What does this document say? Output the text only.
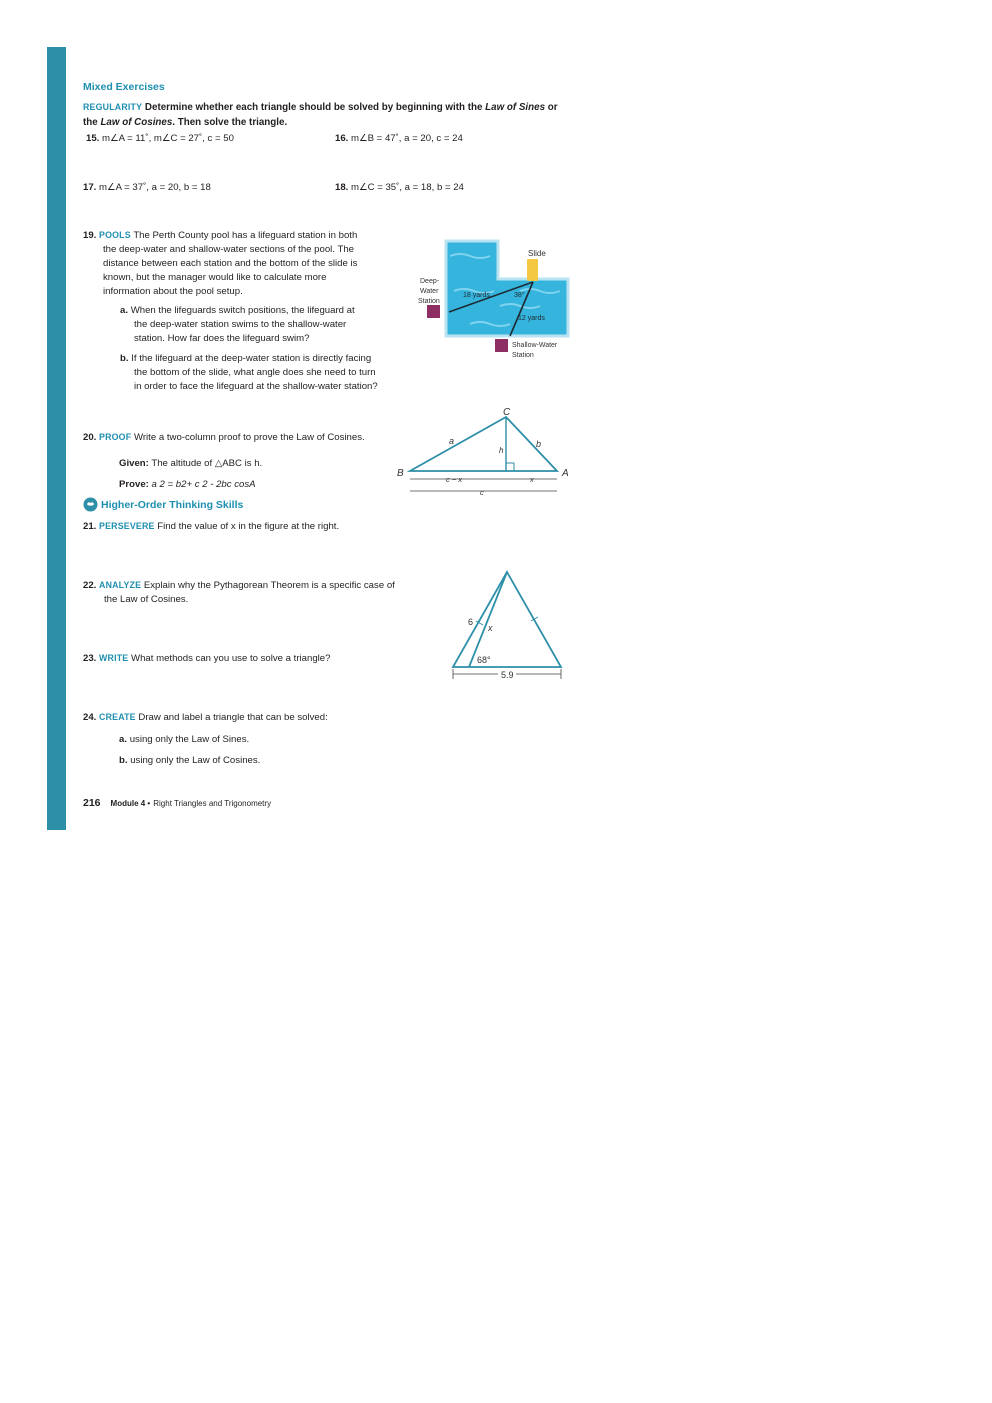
Mixed Exercises
REGULARITY Determine whether each triangle should be solved by beginning with the Law of Sines or the Law of Cosines. Then solve the triangle.
15. m∠A = 11˚, m∠C = 27˚, c = 50	16. m∠B = 47˚, a = 20, c = 24
17. m∠A = 37˚, a = 20, b = 18	18. m∠C = 35˚, a = 18, b = 24
19. POOLS The Perth County pool has a lifeguard station in both
the deep-water and shallow-water sections of the pool. The
distance between each station and the bottom of the slide is
known, but the manager would like to calculate more
information about the pool setup.
a. When the lifeguards switch positions, the lifeguard at
the deep-water station swims to the shallow-water
station. How far does the lifeguard swim?
b. If the lifeguard at the deep-water station is directly facing
the bottom of the slide, what angle does she need to turn
in order to face the lifeguard at the shallow-water station?
Slide
Deep-
Water
Station
18 yards	38°
12 yards
Shallow-Water
Station
20. PROOF Write a two-column proof to prove the Law of Cosines.
Given: The altitude of △ABC is h.
Prove: a 2 = b2+ c 2 - 2bc cosA
C
B	A
a	b
h
c − x	x
c
Higher-Order Thinking Skills
21. PERSEVERE Find the value of x in the figure at the right.
22. ANALYZE Explain why the Pythagorean Theorem is a specific case of
the Law of Cosines.
23. WRITE What methods can you use to solve a triangle?
6
x
68°
5.9
24. CREATE Draw and label a triangle that can be solved:
a. using only the Law of Sines.
b. using only the Law of Cosines.
216 Module 4 • Right Triangles and Trigonometry
